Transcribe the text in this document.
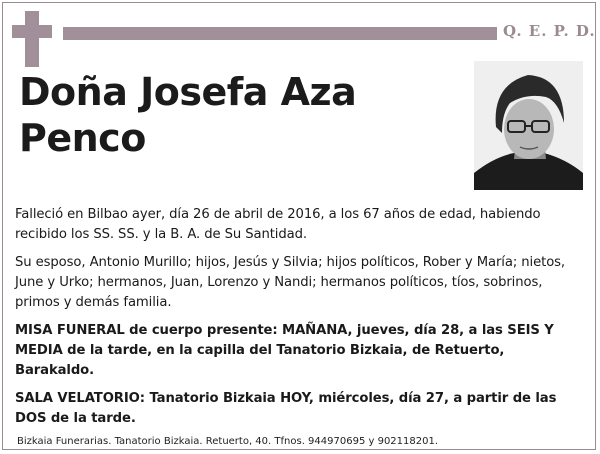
Q. E. P. D.
Doña Josefa Aza
Penco
Falleció en Bilbao ayer, día 26 de abril de 2016, a los 67 años de edad, habiendo recibido los SS. SS. y la B. A. de Su Santidad.
Su esposo, Antonio Murillo; hijos, Jesús y Silvia; hijos políticos, Rober y María; nietos, June y Urko; hermanos, Juan, Lorenzo y Nandi; hermanos políticos, tíos, sobrinos, primos y demás familia.
MISA FUNERAL de cuerpo presente: MAÑANA, jueves, día 28, a las SEIS Y MEDIA de la tarde, en la capilla del Tanatorio Bizkaia, de Retuerto, Barakaldo.
SALA VELATORIO: Tanatorio Bizkaia HOY, miércoles, día 27, a partir de las DOS de la tarde.
Bizkaia Funerarias. Tanatorio Bizkaia. Retuerto, 40. Tfnos. 944970695 y 902118201.
